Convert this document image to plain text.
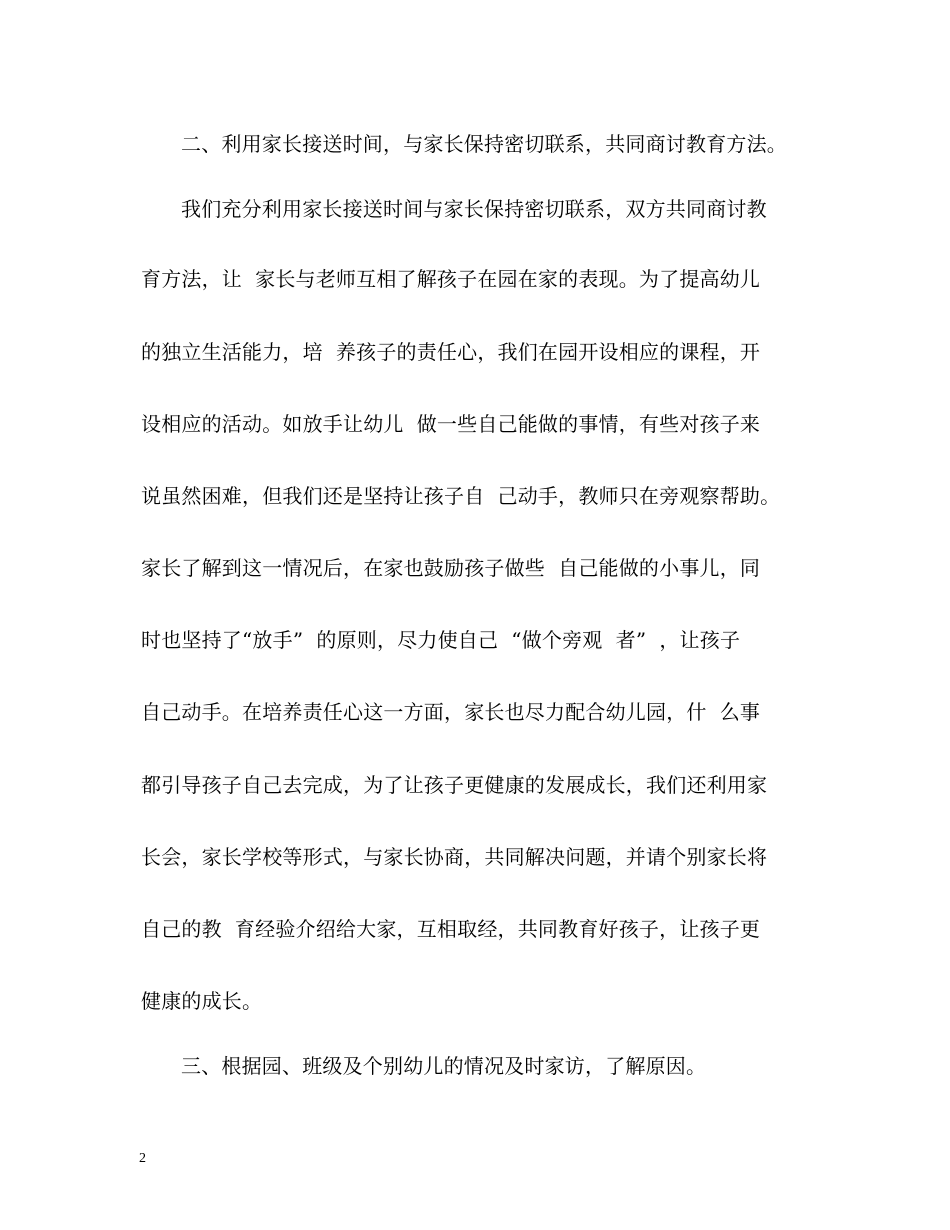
二、利用家长接送时间，与家长保持密切联系，共同商讨教育方法。
我们充分利用家长接送时间与家长保持密切联系，双方共同商讨教
育方法，让  家长与老师互相了解孩子在园在家的表现。为了提高幼儿
的独立生活能力，培  养孩子的责任心，我们在园开设相应的课程，开
设相应的活动。如放手让幼儿  做一些自己能做的事情，有些对孩子来
说虽然困难，但我们还是坚持让孩子自  己动手，教师只在旁观察帮助。
家长了解到这一情况后，在家也鼓励孩子做些  自己能做的小事儿，同
时也坚持了“放手”  的原则，尽力使自己  “做个旁观  者”  ，让孩子
自己动手。在培养责任心这一方面，家长也尽力配合幼儿园，什  么事
都引导孩子自己去完成，为了让孩子更健康的发展成长，我们还利用家
长会，家长学校等形式，与家长协商，共同解决问题，并请个别家长将
自己的教  育经验介绍给大家，互相取经，共同教育好孩子，让孩子更
健康的成长。
三、根据园、班级及个别幼儿的情况及时家访，了解原因。
2
